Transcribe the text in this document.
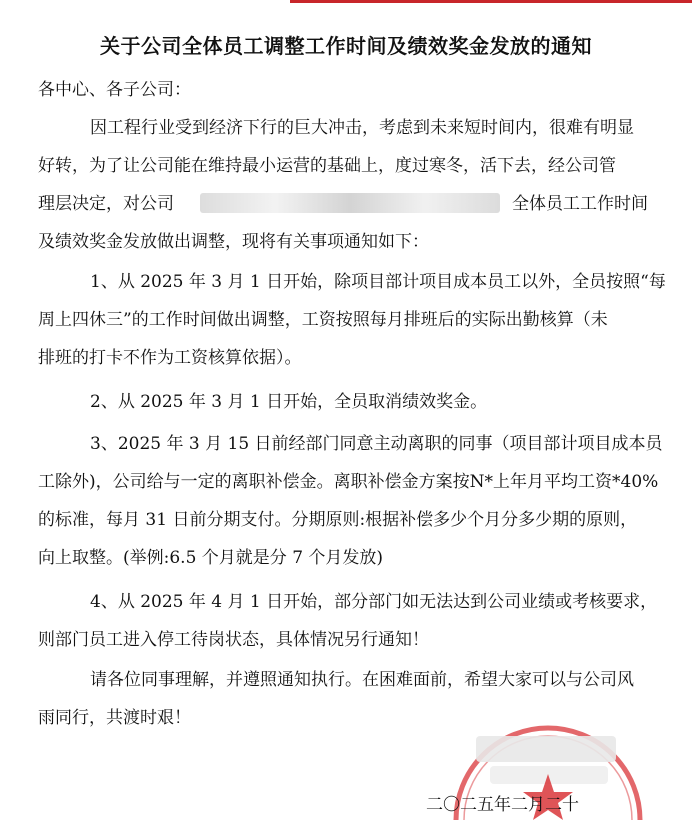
关于公司全体员工调整工作时间及绩效奖金发放的通知
各中心、各子公司：
因工程行业受到经济下行的巨大冲击，考虑到未来短时间内，很难有明显
好转，为了让公司能在维持最小运营的基础上，度过寒冬，活下去，经公司管
理层决定，对公司	全体员工工作时间
及绩效奖金发放做出调整，现将有关事项通知如下：
1、从 2025 年 3 月 1 日开始，除项目部计项目成本员工以外，全员按照“每
周上四休三”的工作时间做出调整，工资按照每月排班后的实际出勤核算（未
排班的打卡不作为工资核算依据）。
2、从 2025 年 3 月 1 日开始，全员取消绩效奖金。
3、2025 年 3 月 15 日前经部门同意主动离职的同事（项目部计项目成本员
工除外)，公司给与一定的离职补偿金。离职补偿金方案按N*上年月平均工资*40%
的标准，每月 31 日前分期支付。分期原则:根据补偿多少个月分多少期的原则，
向上取整。(举例:6.5 个月就是分 7 个月发放)
4、从 2025 年 4 月 1 日开始，部分部门如无法达到公司业绩或考核要求，
则部门员工进入停工待岗状态，具体情况另行通知！
请各位同事理解，并遵照通知执行。在困难面前，希望大家可以与公司风
雨同行，共渡时艰！
二〇二五年二月二十
